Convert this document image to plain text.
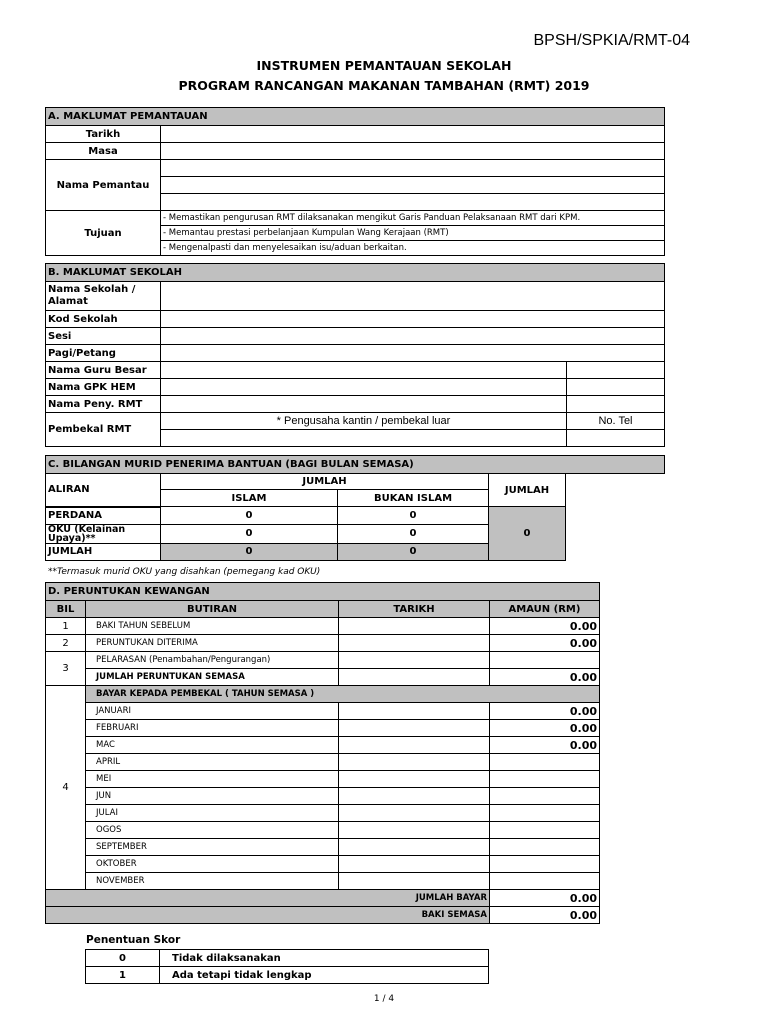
BPSH/SPKIA/RMT-04
INSTRUMEN PEMANTAUAN SEKOLAH
PROGRAM RANCANGAN MAKANAN TAMBAHAN (RMT) 2019
A. MAKLUMAT PEMANTAUAN	
Tarikh	
Masa	
Nama Pemantau	

Tujuan	- Memastikan pengurusan RMT dilaksanakan mengikut Garis Panduan Pelaksanaan RMT dari KPM.
	- Memantau prestasi perbelanjaan Kumpulan Wang Kerajaan (RMT)
	- Mengenalpasti dan menyelesaikan isu/aduan berkaitan.
B. MAKLUMAT SEKOLAH		
Nama Sekolah /
Alamat		
Kod Sekolah		
Sesi		
Pagi/Petang		
Nama Guru Besar		
Nama GPK HEM		
Nama Peny. RMT		
Pembekal RMT	* Pengusaha kantin / pembekal luar	No. Tel

C. BILANGAN MURID PENERIMA BANTUAN (BAGI BULAN SEMASA)				
ALIRAN	JUMLAH		JUMLAH	
	ISLAM	BUKAN ISLAM		
PERDANA	0	0	0	
OKU (Kelainan Upaya)**	0	0		
JUMLAH	0	0		
**Termasuk murid OKU yang disahkan (pemegang kad OKU)
D. PERUNTUKAN KEWANGAN			
BIL	BUTIRAN	TARIKH	AMAUN (RM)
1	BAKI TAHUN SEBELUM		0.00
2	PERUNTUKAN DITERIMA		0.00
3	PELARASAN (Penambahan/Pengurangan)		
	JUMLAH PERUNTUKAN SEMASA		0.00
4	BAYAR KEPADA PEMBEKAL ( TAHUN SEMASA )		
	JANUARI		0.00
	FEBRUARI		0.00
	MAC		0.00
	APRIL		
	MEI		
	JUN		
	JULAI		
	OGOS		
	SEPTEMBER		
	OKTOBER		
	NOVEMBER		
JUMLAH BAYAR			0.00
BAKI SEMASA			0.00
Penentuan Skor
0	Tidak dilaksanakan
1	Ada tetapi tidak lengkap
1 / 4
